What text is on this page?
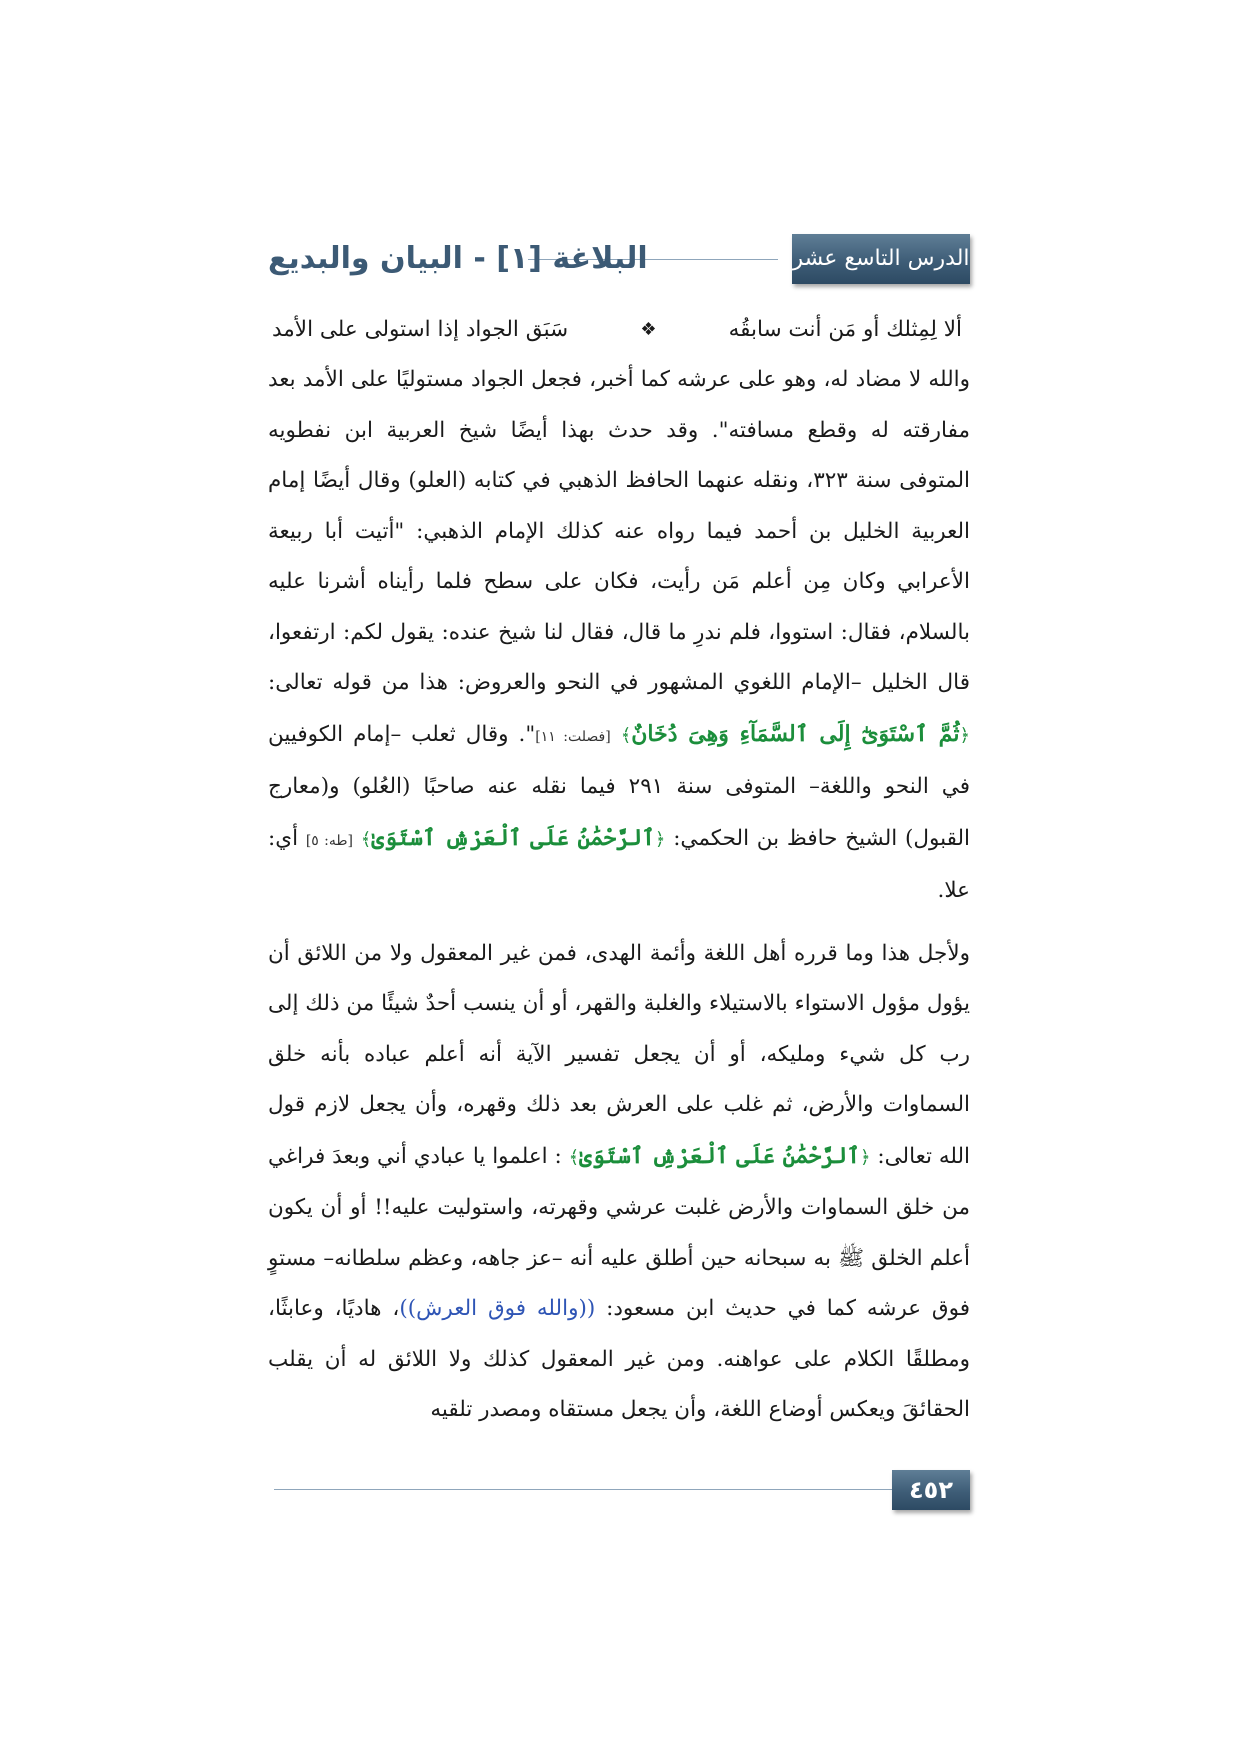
الدرس التاسع عشر
البلاغة [١] - البيان والبديع
ألا لِمِثلك أو مَن أنت سابقُه
❖
سَبَق الجواد إذا استولى على الأمد

والله لا مضاد له، وهو على عرشه كما أخبر، فجعل الجواد مستوليًا على الأمد بعد مفارقته له وقطع مسافته". وقد حدث بهذا أيضًا شيخ العربية ابن نفطويه المتوفى سنة ٣٢٣، ونقله عنهما الحافظ الذهبي في كتابه (العلو) وقال أيضًا إمام العربية الخليل بن أحمد فيما رواه عنه كذلك الإمام الذهبي: "أتيت أبا ربيعة الأعرابي وكان مِن أعلم مَن رأيت، فكان على سطح فلما رأيناه أشرنا عليه بالسلام، فقال: استووا، فلم ندرِ ما قال، فقال لنا شيخ عنده: يقول لكم: ارتفعوا، قال الخليل –الإمام اللغوي المشهور في النحو والعروض: هذا من قوله تعالى: ﴿ثُمَّ ٱسْتَوَىٰٓ إِلَى ٱلسَّمَآءِ وَهِىَ دُخَانٌ﴾ [فصلت: ١١]". وقال ثعلب –إمام الكوفيين في النحو واللغة– المتوفى سنة ٢٩١ فيما نقله عنه صاحبًا (العُلو) و(معارج القبول) الشيخ حافظ بن الحكمي: ﴿ٱلرَّحْمَٰنُ عَلَى ٱلْعَرْشِ ٱسْتَوَىٰ﴾ [طه: ٥] أي: علا.

ولأجل هذا وما قرره أهل اللغة وأئمة الهدى، فمن غير المعقول ولا من اللائق أن يؤول مؤول الاستواء بالاستيلاء والغلبة والقهر، أو أن ينسب أحدٌ شيئًا من ذلك إلى رب كل شيء ومليكه، أو أن يجعل تفسير الآية أنه أعلم عباده بأنه خلق السماوات والأرض، ثم غلب على العرش بعد ذلك وقهره، وأن يجعل لازم قول الله تعالى: ﴿ٱلرَّحْمَٰنُ عَلَى ٱلْعَرْشِ ٱسْتَوَىٰ﴾ : اعلموا يا عبادي أني وبعدَ فراغي من خلق السماوات والأرض غلبت عرشي وقهرته، واستوليت عليه!! أو أن يكون أعلم الخلق ﷺ به سبحانه حين أطلق عليه أنه –عز جاهه، وعظم سلطانه– مستوٍ فوق عرشه كما في حديث ابن مسعود: ((والله فوق العرش))، هاديًا، وعابثًا، ومطلقًا الكلام على عواهنه. ومن غير المعقول كذلك ولا اللائق له أن يقلب الحقائقَ ويعكس أوضاع اللغة، وأن يجعل مستقاه ومصدر تلقيه

٤٥٢
